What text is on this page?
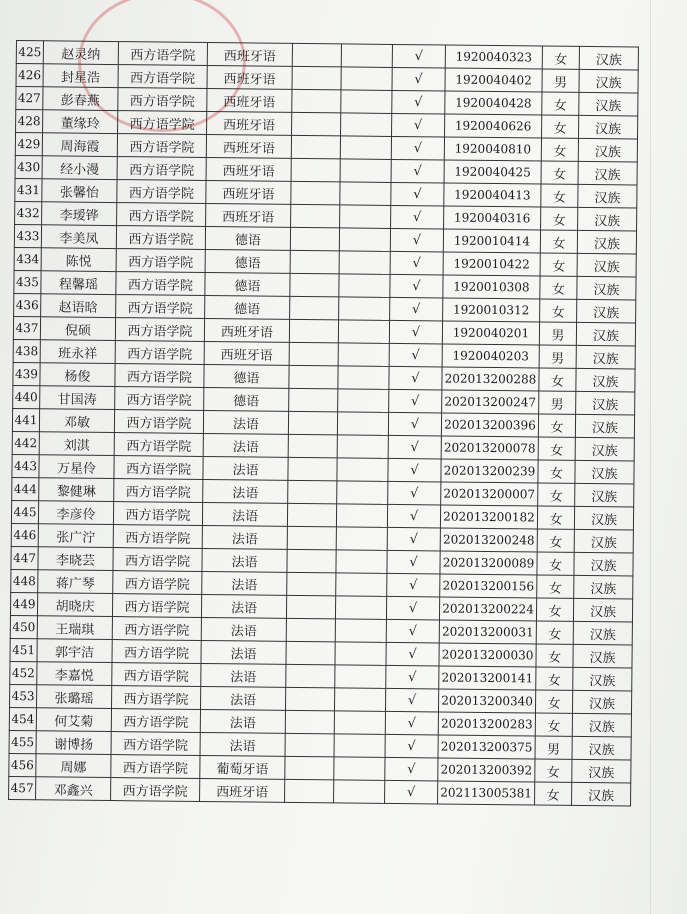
425	赵灵纳	西方语学院	西班牙语			√	1920040323	女	汉族
426	封星浩	西方语学院	西班牙语			√	1920040402	男	汉族
427	彭春燕	西方语学院	西班牙语			√	1920040428	女	汉族
428	董缘玲	西方语学院	西班牙语			√	1920040626	女	汉族
429	周海霞	西方语学院	西班牙语			√	1920040810	女	汉族
430	经小漫	西方语学院	西班牙语			√	1920040425	女	汉族
431	张馨怡	西方语学院	西班牙语			√	1920040413	女	汉族
432	李瑷铧	西方语学院	西班牙语			√	1920040316	女	汉族
433	李美凤	西方语学院	德语			√	1920010414	女	汉族
434	陈悦	西方语学院	德语			√	1920010422	女	汉族
435	程馨瑶	西方语学院	德语			√	1920010308	女	汉族
436	赵语晗	西方语学院	德语			√	1920010312	女	汉族
437	倪硕	西方语学院	西班牙语			√	1920040201	男	汉族
438	班永祥	西方语学院	西班牙语			√	1920040203	男	汉族
439	杨俊	西方语学院	德语			√	202013200288	女	汉族
440	甘国涛	西方语学院	德语			√	202013200247	男	汉族
441	邓敏	西方语学院	法语			√	202013200396	女	汉族
442	刘淇	西方语学院	法语			√	202013200078	女	汉族
443	万星伶	西方语学院	法语			√	202013200239	女	汉族
444	黎健琳	西方语学院	法语			√	202013200007	女	汉族
445	李彦伶	西方语学院	法语			√	202013200182	女	汉族
446	张广泞	西方语学院	法语			√	202013200248	女	汉族
447	李晓芸	西方语学院	法语			√	202013200089	女	汉族
448	蒋广琴	西方语学院	法语			√	202013200156	女	汉族
449	胡晓庆	西方语学院	法语			√	202013200224	女	汉族
450	王瑞琪	西方语学院	法语			√	202013200031	女	汉族
451	郭宇洁	西方语学院	法语			√	202013200030	女	汉族
452	李嘉悦	西方语学院	法语			√	202013200141	女	汉族
453	张璐瑶	西方语学院	法语			√	202013200340	女	汉族
454	何艾菊	西方语学院	法语			√	202013200283	女	汉族
455	谢博扬	西方语学院	法语			√	202013200375	男	汉族
456	周娜	西方语学院	葡萄牙语			√	202013200392	女	汉族
457	邓鑫兴	西方语学院	西班牙语			√	202113005381	女	汉族
